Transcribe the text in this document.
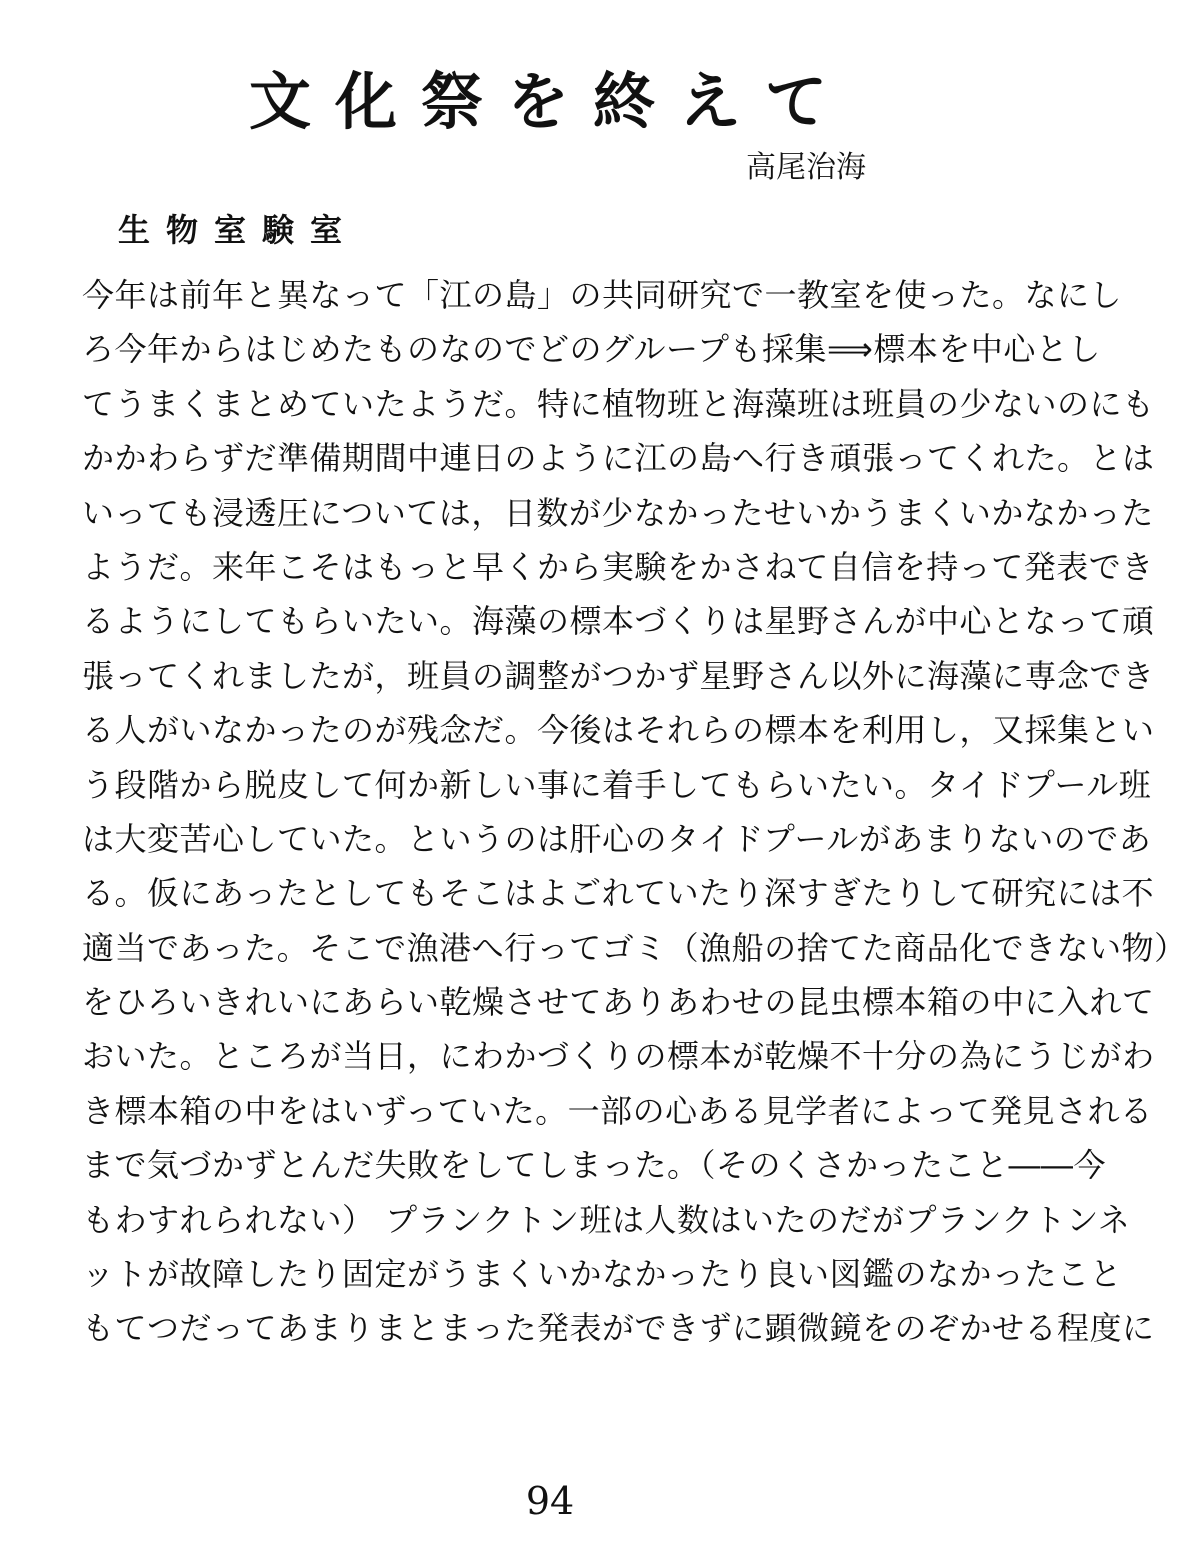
文化祭を終えて
高尾治海
生物室験室
今年は前年と異なって「江の島」の共同研究で一教室を使った。なにし
ろ今年からはじめたものなのでどのグループも採集⟹標本を中心とし
てうまくまとめていたようだ。特に植物班と海藻班は班員の少ないのにも
かかわらずだ準備期間中連日のように江の島へ行き頑張ってくれた。とは
いっても浸透圧については，日数が少なかったせいかうまくいかなかった
ようだ。来年こそはもっと早くから実験をかさねて自信を持って発表でき
るようにしてもらいたい。海藻の標本づくりは星野さんが中心となって頑
張ってくれましたが，班員の調整がつかず星野さん以外に海藻に専念でき
る人がいなかったのが残念だ。今後はそれらの標本を利用し，又採集とい
う段階から脱皮して何か新しい事に着手してもらいたい。タイドプール班
は大変苦心していた。というのは肝心のタイドプールがあまりないのであ
る。仮にあったとしてもそこはよごれていたり深すぎたりして研究には不
適当であった。そこで漁港へ行ってゴミ（漁船の捨てた商品化できない物）
をひろいきれいにあらい乾燥させてありあわせの昆虫標本箱の中に入れて
おいた。ところが当日，にわかづくりの標本が乾燥不十分の為にうじがわ
き標本箱の中をはいずっていた。一部の心ある見学者によって発見される
まで気づかずとんだ失敗をしてしまった。（そのくさかったこと――今
もわすれられない） プランクトン班は人数はいたのだがプランクトンネ
ットが故障したり固定がうまくいかなかったり良い図鑑のなかったこと
もてつだってあまりまとまった発表ができずに顕微鏡をのぞかせる程度に
94
